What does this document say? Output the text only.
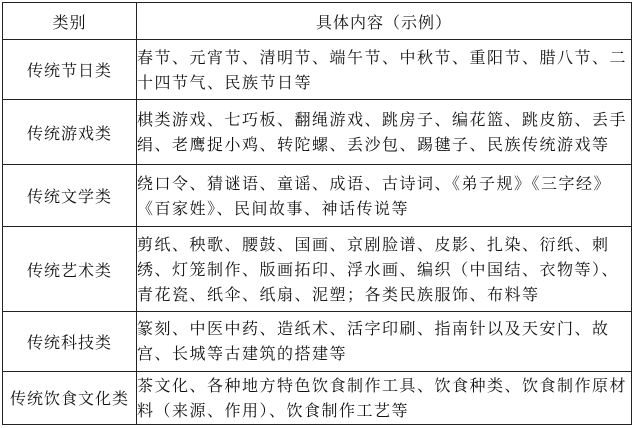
类别	具体内容（示例）
传统节日类	春节、元宵节、清明节、端午节、中秋节、重阳节、腊八节、二十四节气、民族节日等

传统游戏类	棋类游戏、七巧板、翻绳游戏、跳房子、编花篮、跳皮筋、丢手绢、老鹰捉小鸡、转陀螺、丢沙包、踢毽子、民族传统游戏等

传统文学类	绕口令、猜谜语、童谣、成语、古诗词、《弟子规》《三字经》《百家姓》、民间故事、神话传说等

传统艺术类	剪纸、秧歌、腰鼓、国画、京剧脸谱、皮影、扎染、衍纸、刺绣、灯笼制作、版画拓印、浮水画、编织（中国结、衣物等）、青花瓷、纸伞、纸扇、泥塑；各类民族服饰、布料等

传统科技类	篆刻、中医中药、造纸术、活字印刷、指南针以及天安门、故宫、长城等古建筑的搭建等

传统饮食文化类	茶文化、各种地方特色饮食制作工具、饮食种类、饮食制作原材料（来源、作用）、饮食制作工艺等
